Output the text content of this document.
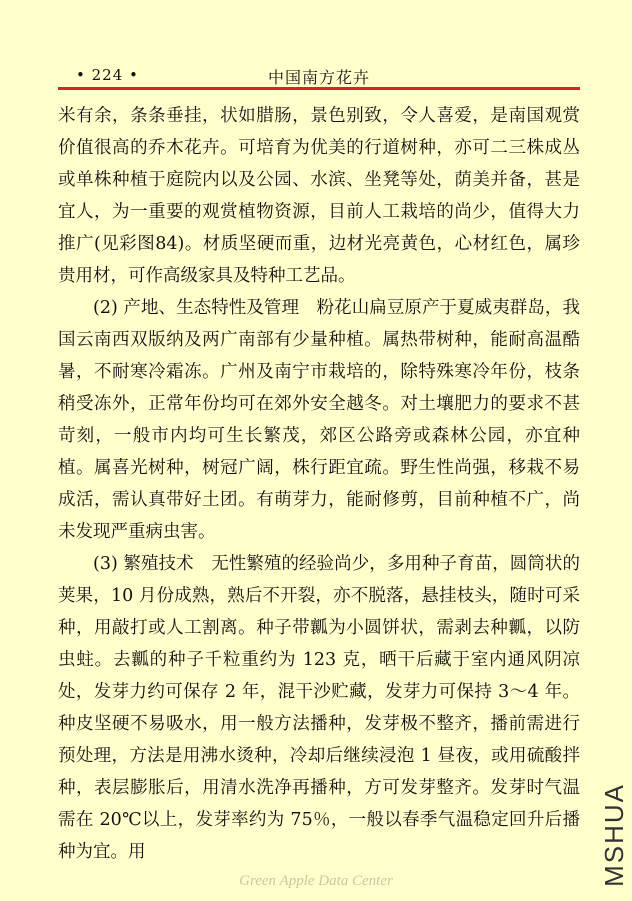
• 224 •	中国南方花卉

米有余，条条垂挂，状如腊肠，景色别致，令人喜爱，是南国观赏价值很高的乔木花卉。可培育为优美的行道树种，亦可二三株成丛或单株种植于庭院内以及公园、水滨、坐凳等处，荫美并备，甚是宜人，为一重要的观赏植物资源，目前人工栽培的尚少，值得大力推广(见彩图84)。材质坚硬而重，边材光亮黄色，心材红色，属珍贵用材，可作高级家具及特种工艺品。

(2) 产地、生态特性及管理　粉花山扁豆原产于夏威夷群岛，我国云南西双版纳及两广南部有少量种植。属热带树种，能耐高温酷暑，不耐寒冷霜冻。广州及南宁市栽培的，除特殊寒冷年份，枝条稍受冻外，正常年份均可在郊外安全越冬。对土壤肥力的要求不甚苛刻，一般市内均可生长繁茂，郊区公路旁或森林公园，亦宜种植。属喜光树种，树冠广阔，株行距宜疏。野生性尚强，移栽不易成活，需认真带好土团。有萌芽力，能耐修剪，目前种植不广，尚未发现严重病虫害。

(3) 繁殖技术　无性繁殖的经验尚少，多用种子育苗，圆筒状的荚果，10 月份成熟，熟后不开裂，亦不脱落，悬挂枝头，随时可采种，用敲打或人工割离。种子带瓤为小圆饼状，需剥去种瓤，以防虫蛀。去瓤的种子千粒重约为 123 克，晒干后藏于室内通风阴凉处，发芽力约可保存 2 年，混干沙贮藏，发芽力可保持 3～4 年。种皮坚硬不易吸水，用一般方法播种，发芽极不整齐，播前需进行预处理，方法是用沸水烫种，冷却后继续浸泡 1 昼夜，或用硫酸拌种，表层膨胀后，用清水洗净再播种，方可发芽整齐。发芽时气温需在 20℃以上，发芽率约为 75％，一般以春季气温稳定回升后播种为宜。用	MSHUA
Green Apple Data Center
